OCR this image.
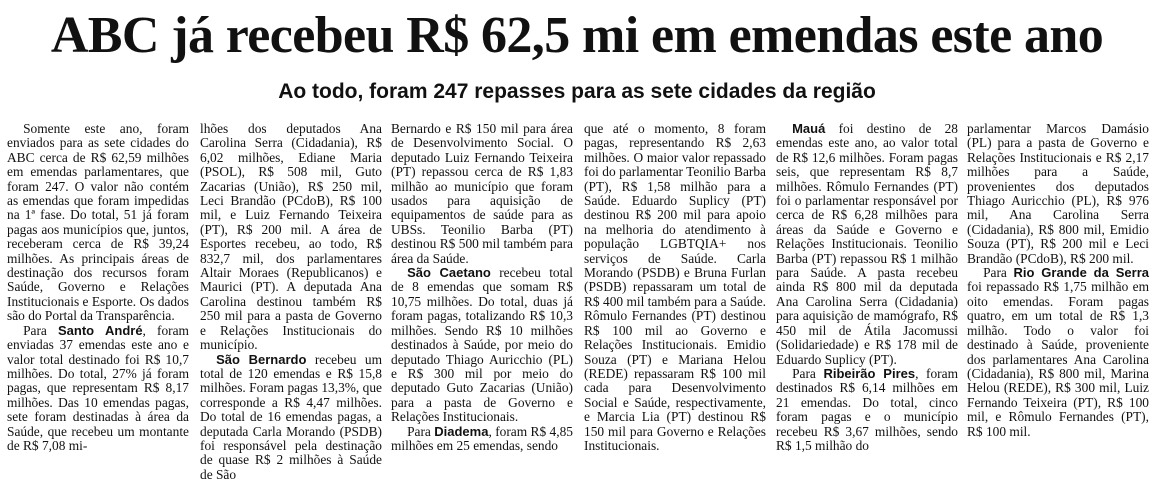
ABC já recebeu R$ 62,5 mi em emendas este ano
Ao todo, foram 247 repasses para as sete cidades da região

Somente este ano, foram enviados para as sete cidades do ABC cerca de R$ 62,59 milhões em emendas parlamentares, que foram 247. O valor não contém as emendas que foram impedidas na 1ª fase. Do total, 51 já foram pagas aos municípios que, juntos, receberam cerca de R$ 39,24 milhões. As principais áreas de destinação dos recursos foram Saúde, Governo e Relações Institucionais e Esporte. Os dados são do Portal da Transparência.

Para Santo André, foram enviadas 37 emendas este ano e valor total destinado foi R$ 10,7 milhões. Do total, 27% já foram pagas, que representam R$ 8,17 milhões. Das 10 emendas pagas, sete foram destinadas à área da Saúde, que recebeu um montante de R$ 7,08 mi-

lhões dos deputados Ana Carolina Serra (Cidadania), R$ 6,02 milhões, Ediane Maria (PSOL), R$ 508 mil, Guto Zacarias (União), R$ 250 mil, Leci Brandão (PCdoB), R$ 100 mil, e Luiz Fernando Teixeira (PT), R$ 200 mil. A área de Esportes recebeu, ao todo, R$ 832,7 mil, dos parlamentares Altair Moraes (Republicanos) e Maurici (PT). A deputada Ana Carolina destinou também R$ 250 mil para a pasta de Governo e Relações Institucionais do município.

São Bernardo recebeu um total de 120 emendas e R$ 15,8 milhões. Foram pagas 13,3%, que corresponde a R$ 4,47 milhões. Do total de 16 emendas pagas, a deputada Carla Morando (PSDB) foi responsável pela destinação de quase R$ 2 milhões à Saúde de São

Bernardo e R$ 150 mil para área de Desenvolvimento Social. O deputado Luiz Fernando Teixeira (PT) repassou cerca de R$ 1,83 milhão ao município que foram usados para aquisição de equipamentos de saúde para as UBSs. Teonilio Barba (PT) destinou R$ 500 mil também para área da Saúde.

São Caetano recebeu total de 8 emendas que somam R$ 10,75 milhões. Do total, duas já foram pagas, totalizando R$ 10,3 milhões. Sendo R$ 10 milhões destinados à Saúde, por meio do deputado Thiago Auricchio (PL) e R$ 300 mil por meio do deputado Guto Zacarias (União) para a pasta de Governo e Relações Institucionais.

Para Diadema, foram R$ 4,85 milhões em 25 emendas, sendo

que até o momento, 8 foram pagas, representando R$ 2,63 milhões. O maior valor repassado foi do parlamentar Teonilio Barba (PT), R$ 1,58 milhão para a Saúde. Eduardo Suplicy (PT) destinou R$ 200 mil para apoio na melhoria do atendimento à população LGBTQIA+ nos serviços de Saúde. Carla Morando (PSDB) e Bruna Furlan (PSDB) repassaram um total de R$ 400 mil também para a Saúde. Rômulo Fernandes (PT) destinou R$ 100 mil ao Governo e Relações Institucionais. Emidio Souza (PT) e Mariana Helou (REDE) repassaram R$ 100 mil cada para Desenvolvimento Social e Saúde, respectivamente, e Marcia Lia (PT) destinou R$ 150 mil para Governo e Relações Institucionais.

Mauá foi destino de 28 emendas este ano, ao valor total de R$ 12,6 milhões. Foram pagas seis, que representam R$ 8,7 milhões. Rômulo Fernandes (PT) foi o parlamentar responsável por cerca de R$ 6,28 milhões para áreas da Saúde e Governo e Relações Institucionais. Teonilio Barba (PT) repassou R$ 1 milhão para Saúde. A pasta recebeu ainda R$ 800 mil da deputada Ana Carolina Serra (Cidadania) para aquisição de mamógrafo, R$ 450 mil de Átila Jacomussi (Solidariedade) e R$ 178 mil de Eduardo Suplicy (PT).

Para Ribeirão Pires, foram destinados R$ 6,14 milhões em 21 emendas. Do total, cinco foram pagas e o município recebeu R$ 3,67 milhões, sendo R$ 1,5 milhão do

parlamentar Marcos Damásio (PL) para a pasta de Governo e Relações Institucionais e R$ 2,17 milhões para a Saúde, provenientes dos deputados Thiago Auricchio (PL), R$ 976 mil, Ana Carolina Serra (Cidadania), R$ 800 mil, Emidio Souza (PT), R$ 200 mil e Leci Brandão (PCdoB), R$ 200 mil.

Para Rio Grande da Serra foi repassado R$ 1,75 milhão em oito emendas. Foram pagas quatro, em um total de R$ 1,3 milhão. Todo o valor foi destinado à Saúde, proveniente dos parlamentares Ana Carolina (Cidadania), R$ 800 mil, Marina Helou (REDE), R$ 300 mil, Luiz Fernando Teixeira (PT), R$ 100 mil, e Rômulo Fernandes (PT), R$ 100 mil.
